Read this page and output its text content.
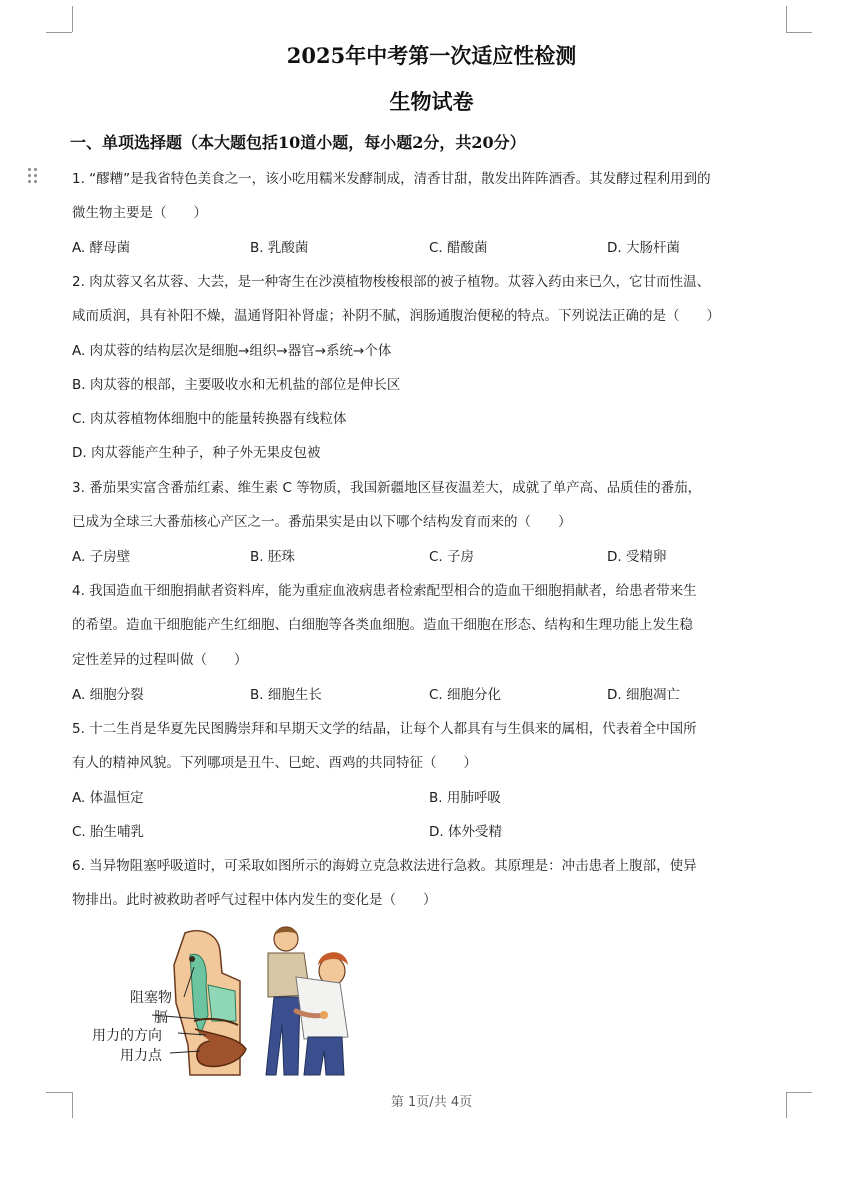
2025年中考第一次适应性检测
生物试卷
一、单项选择题（本大题包括10道小题，每小题2分，共20分）
1. “醪糟”是我省特色美食之一，该小吃用糯米发酵制成，清香甘甜，散发出阵阵酒香。其发酵过程利用到的
微生物主要是（　　）
A. 酵母菌	B. 乳酸菌	C. 醋酸菌	D. 大肠杆菌
2. 肉苁蓉又名苁蓉、大芸，是一种寄生在沙漠植物梭梭根部的被子植物。苁蓉入药由来已久，它甘而性温、
咸而质润，具有补阳不燥，温通肾阳补肾虚；补阴不腻，润肠通腹治便秘的特点。下列说法正确的是（　　）
A. 肉苁蓉的结构层次是细胞→组织→器官→系统→个体
B. 肉苁蓉的根部，主要吸收水和无机盐的部位是伸长区
C. 肉苁蓉植物体细胞中的能量转换器有线粒体
D. 肉苁蓉能产生种子，种子外无果皮包被
3. 番茄果实富含番茄红素、维生素 C 等物质，我国新疆地区昼夜温差大，成就了单产高、品质佳的番茄，
已成为全球三大番茄核心产区之一。番茄果实是由以下哪个结构发育而来的（　　）
A. 子房壁	B. 胚珠	C. 子房	D. 受精卵
4. 我国造血干细胞捐献者资料库，能为重症血液病患者检索配型相合的造血干细胞捐献者，给患者带来生
的希望。造血干细胞能产生红细胞、白细胞等各类血细胞。造血干细胞在形态、结构和生理功能上发生稳
定性差异的过程叫做（　　）
A. 细胞分裂	B. 细胞生长	C. 细胞分化	D. 细胞凋亡
5. 十二生肖是华夏先民图腾崇拜和早期天文学的结晶，让每个人都具有与生俱来的属相，代表着全中国所
有人的精神风貌。下列哪项是丑牛、巳蛇、酉鸡的共同特征（　　）
A. 体温恒定	B. 用肺呼吸
C. 胎生哺乳	D. 体外受精
6. 当异物阻塞呼吸道时，可采取如图所示的海姆立克急救法进行急救。其原理是：冲击患者上腹部，使异
物排出。此时被救助者呼气过程中体内发生的变化是（　　）
阻塞物
膈
用力的方向
用力点
第 1页/共 4页
